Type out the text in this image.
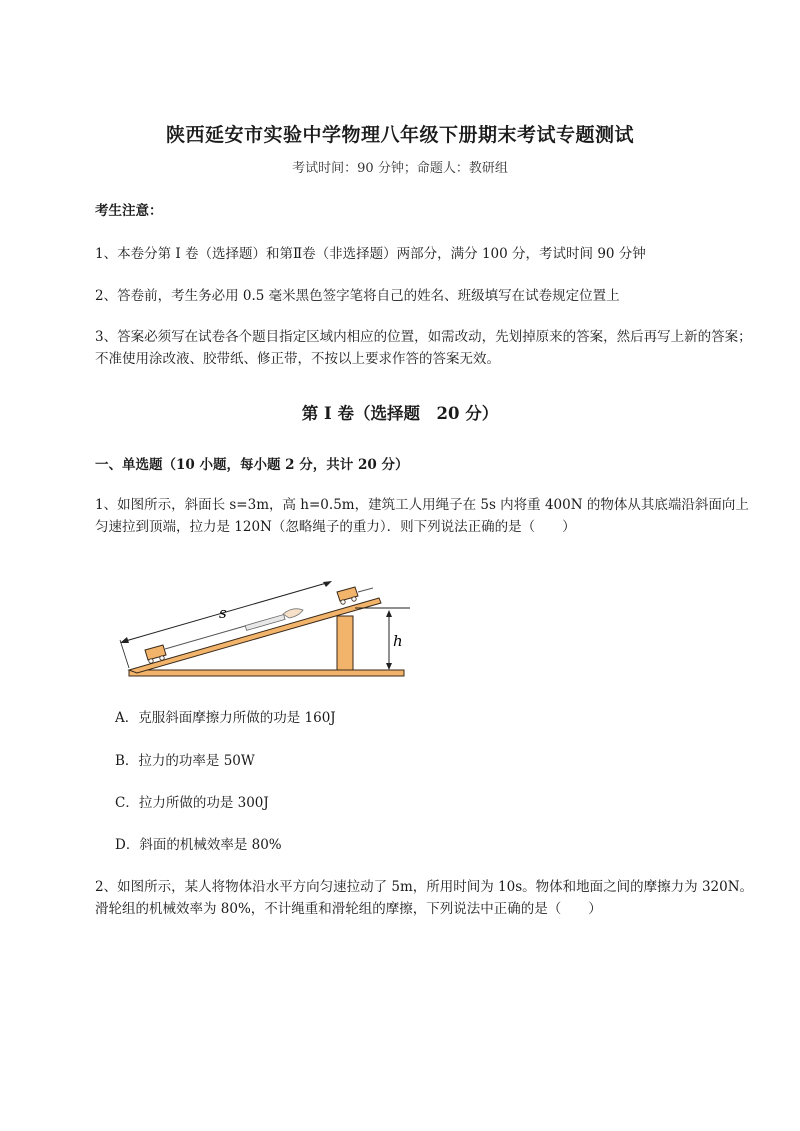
陕西延安市实验中学物理八年级下册期末考试专题测试
考试时间：90 分钟；命题人：教研组
考生注意：
1、本卷分第 I 卷（选择题）和第Ⅱ卷（非选择题）两部分，满分 100 分，考试时间 90 分钟
2、答卷前，考生务必用 0.5 毫米黑色签字笔将自己的姓名、班级填写在试卷规定位置上
3、答案必须写在试卷各个题目指定区域内相应的位置，如需改动，先划掉原来的答案，然后再写上新的答案；不准使用涂改液、胶带纸、修正带，不按以上要求作答的答案无效。
第 I 卷（选择题　20 分）
一、单选题（10 小题，每小题 2 分，共计 20 分）
1、如图所示，斜面长 s=3m，高 h=0.5m，建筑工人用绳子在 5s 内将重 400N 的物体从其底端沿斜面向上匀速拉到顶端，拉力是 120N（忽略绳子的重力）．则下列说法正确的是（　　）
h
s
A．克服斜面摩擦力所做的功是 160J
B．拉力的功率是 50W
C．拉力所做的功是 300J
D．斜面的机械效率是 80%
2、如图所示，某人将物体沿水平方向匀速拉动了 5m，所用时间为 10s。物体和地面之间的摩擦力为 320N。滑轮组的机械效率为 80%，不计绳重和滑轮组的摩擦，下列说法中正确的是（　　）
